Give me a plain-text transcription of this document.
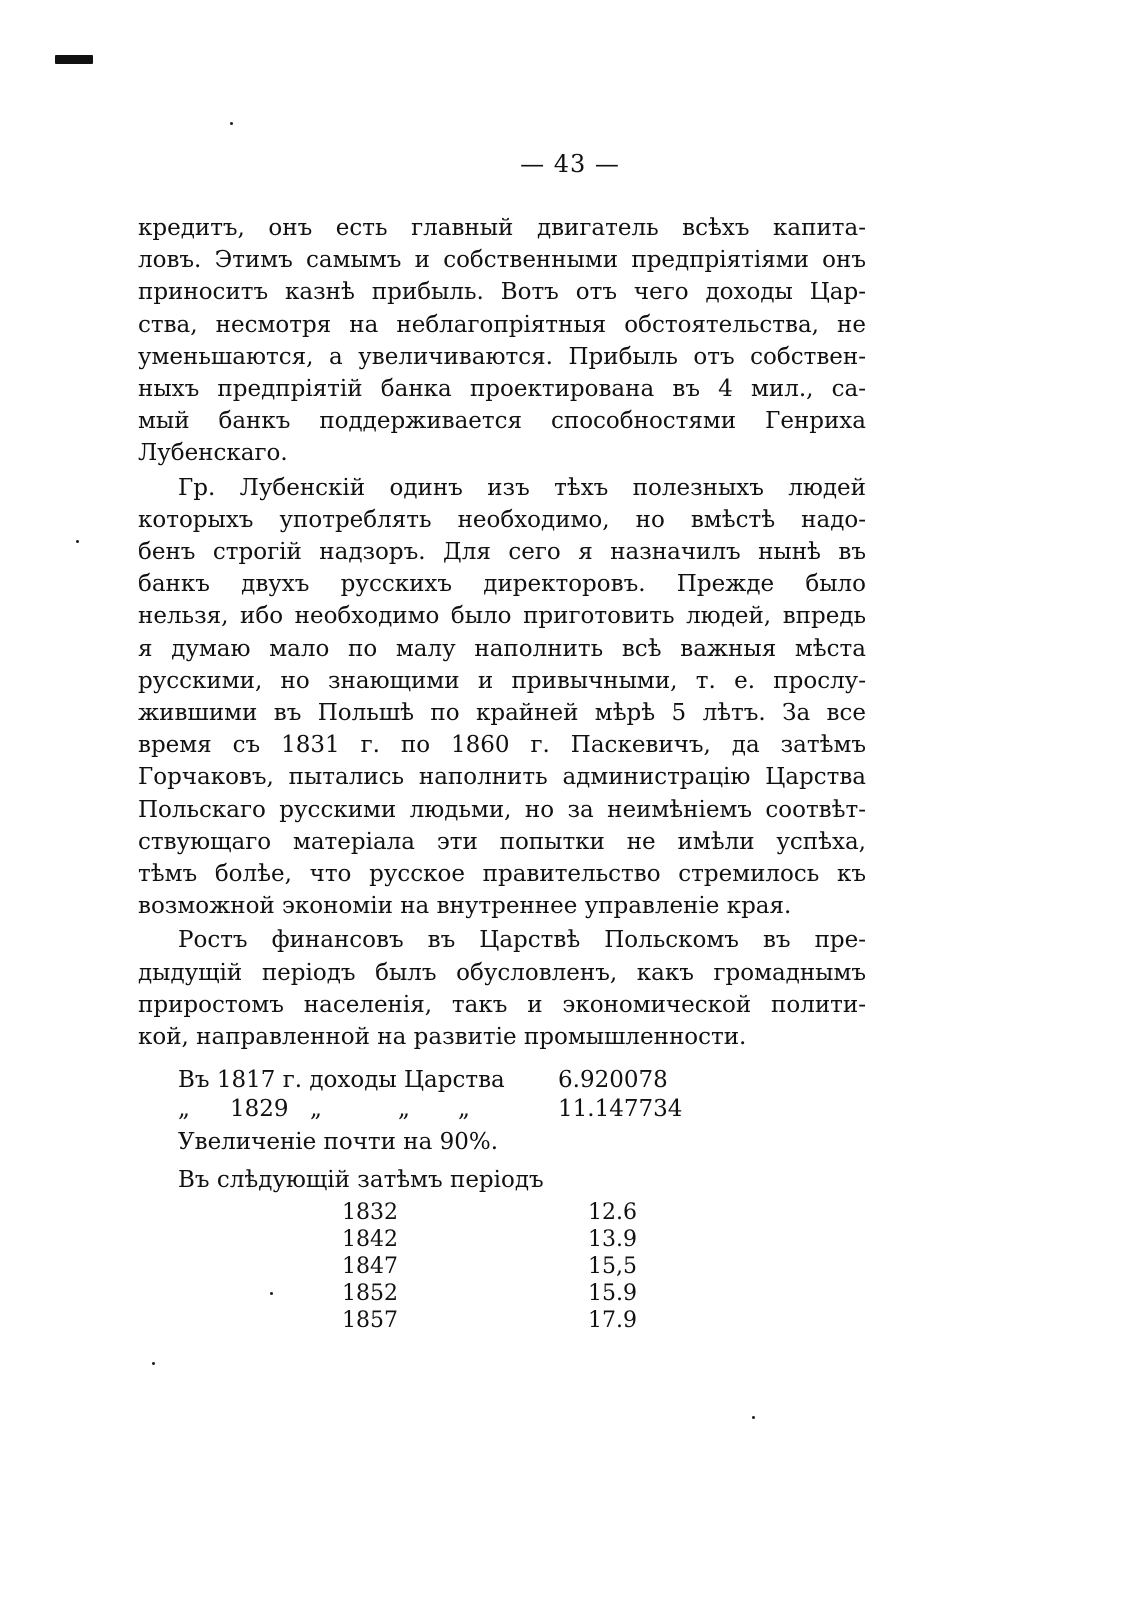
— 43 —

кредитъ, онъ есть главный двигатель всѣхъ капита-
ловъ. Этимъ самымъ и собственными предпріятіями онъ
приноситъ казнѣ прибыль. Вотъ отъ чего доходы Цар-
ства, несмотря на неблагопріятныя обстоятельства, не
уменьшаются, а увеличиваются. Прибыль отъ собствен-
ныхъ предпріятій банка проектирована въ 4 мил., са-
мый банкъ поддерживается способностями Генриха
Лубенскаго.

Гр. Лубенскій одинъ изъ тѣхъ полезныхъ людей
которыхъ употреблять необходимо, но вмѣстѣ надо-
бенъ строгій надзоръ. Для сего я назначилъ нынѣ въ
банкъ двухъ русскихъ директоровъ. Прежде было
нельзя, ибо необходимо было приготовить людей, впредь
я думаю мало по малу наполнить всѣ важныя мѣста
русскими, но знающими и привычными, т. е. прослу-
жившими въ Польшѣ по крайней мѣрѣ 5 лѣтъ. За все
время съ 1831 г. по 1860 г. Паскевичъ, да затѣмъ
Горчаковъ, пытались наполнить администрацію Царства
Польскаго русскими людьми, но за неимѣніемъ соотвѣт-
ствующаго матеріала эти попытки не имѣли успѣха,
тѣмъ болѣе, что русское правительство стремилось къ
возможной экономіи на внутреннее управленіе края.

Ростъ финансовъ въ Царствѣ Польскомъ въ пре-
дыдущій періодъ былъ обусловленъ, какъ громаднымъ
приростомъ населенія, такъ и экономической полити-
кой, направленной на развитіе промышленности.

Въ 1817 г. доходы Царства	6.920078
„	1829 „	„	„	11.147734
Увеличеніе почти на 90%.
Въ слѣдующій затѣмъ періодъ
1832	12.6
1842	13.9
1847	15,5
1852	15.9
1857	17.9
